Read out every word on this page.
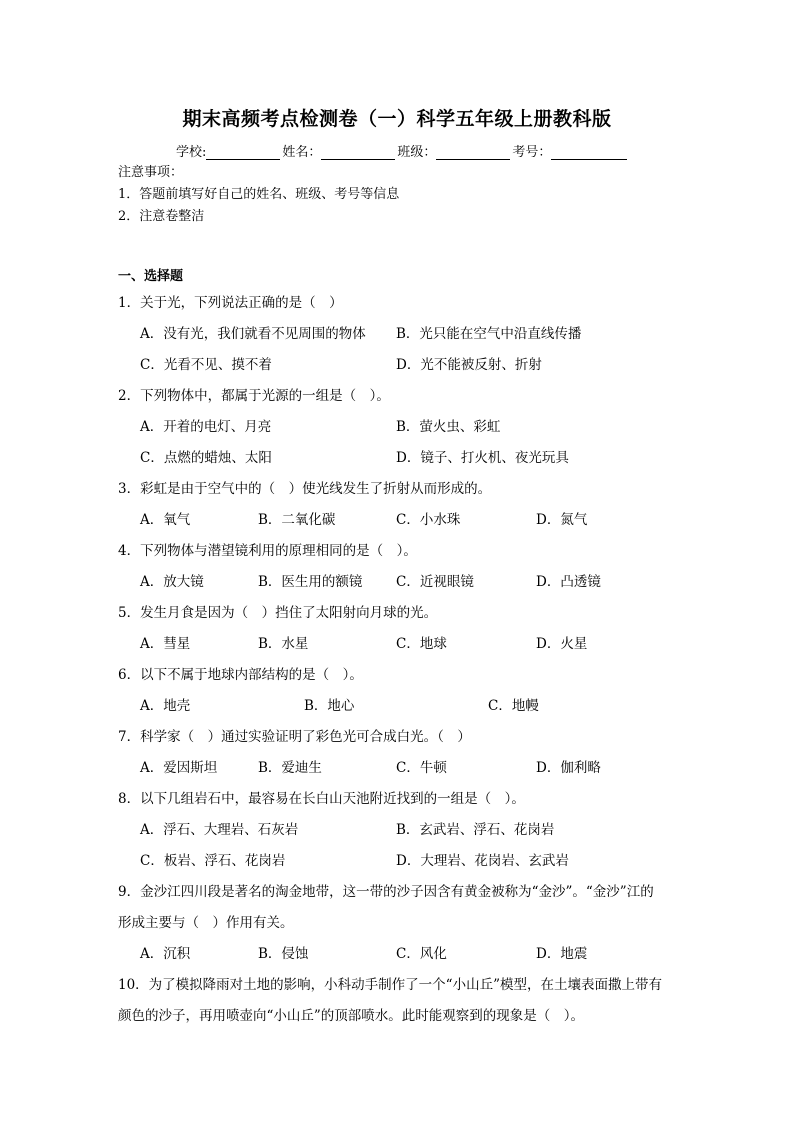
期末高频考点检测卷（一）科学五年级上册教科版
学校:	姓名：	班级：	考号：
注意事项：
1．答题前填写好自己的姓名、班级、考号等信息
2．注意卷整洁
一、选择题
1．关于光，下列说法正确的是（　）
A．没有光，我们就看不见周围的物体 B．光只能在空气中沿直线传播
C．光看不见、摸不着	D．光不能被反射、折射
2．下列物体中，都属于光源的一组是（　）。
A．开着的电灯、月亮	B．萤火虫、彩虹
C．点燃的蜡烛、太阳	D．镜子、打火机、夜光玩具
3．彩虹是由于空气中的（　）使光线发生了折射从而形成的。
A．氧气	B．二氧化碳	C．小水珠	D．氮气
4．下列物体与潜望镜利用的原理相同的是（　）。
A．放大镜	B．医生用的额镜 C．近视眼镜	D．凸透镜
5．发生月食是因为（　）挡住了太阳射向月球的光。
A．彗星	B．水星	C．地球	D．火星
6．以下不属于地球内部结构的是（　）。
A．地壳	B．地心	C．地幔
7．科学家（　）通过实验证明了彩色光可合成白光。（　）
A．爱因斯坦	B．爱迪生	C．牛顿	D．伽利略
8．以下几组岩石中，最容易在长白山天池附近找到的一组是（　）。
A．浮石、大理岩、石灰岩	B．玄武岩、浮石、花岗岩
C．板岩、浮石、花岗岩	D．大理岩、花岗岩、玄武岩
9．金沙江四川段是著名的淘金地带，这一带的沙子因含有黄金被称为“金沙”。“金沙”江的
形成主要与（　）作用有关。
A．沉积	B．侵蚀	C．风化	D．地震
10．为了模拟降雨对土地的影响，小科动手制作了一个“小山丘”模型，在土壤表面撒上带有
颜色的沙子，再用喷壶向“小山丘”的顶部喷水。此时能观察到的现象是（　）。
